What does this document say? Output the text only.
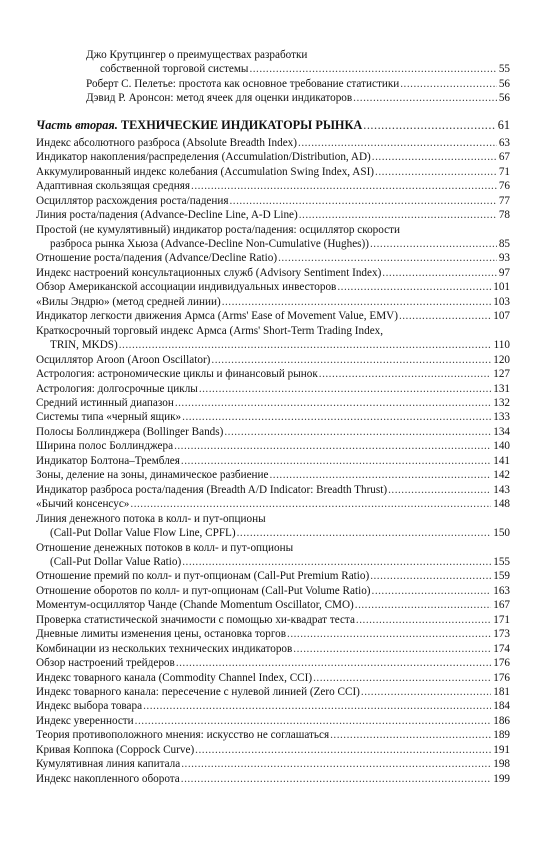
Джо Крутцингер о преимуществах разработки
собственной торговой системы .....	55
Роберт С. Пелетье: простота как основное требование статистики .....	56
Дэвид Р. Аронсон: метод ячеек для оценки индикаторов .....	56
Часть вторая. ТЕХНИЧЕСКИЕ ИНДИКАТОРЫ РЫНКА .....	61
Индекс абсолютного разброса (Absolute Breadth Index) .....	63
Индикатор накопления/распределения (Accumulation/Distribution, AD) .....	67
Аккумулированный индекс колебания (Accumulation Swing Index, ASI) .....	71
Адаптивная скользящая средняя .....	76
Осциллятор расхождения роста/падения .....	77
Линия роста/падения (Advance-Decline Line, A-D Line) .....	78
Простой (не кумулятивный) индикатор роста/падения: осциллятор скорости
разброса рынка Хьюза (Advance-Decline Non-Cumulative (Hughes)) .....	85
Отношение роста/падения (Advance/Decline Ratio) .....	93
Индекс настроений консультационных служб (Advisory Sentiment Index) .....	97
Обзор Американской ассоциации индивидуальных инвесторов .....	101
«Вилы Эндрю» (метод средней линии) .....	103
Индикатор легкости движения Армса (Arms' Ease of Movement Value, EMV) .....	107
Краткосрочный торговый индекс Армса (Arms' Short-Term Trading Index,
TRIN, MKDS) .....	110
Осциллятор Aroon (Aroon Oscillator) .....	120
Астрология: астрономические циклы и финансовый рынок .....	127
Астрология: долгосрочные циклы .....	131
Средний истинный диапазон .....	132
Системы типа «черный ящик» .....	133
Полосы Боллинджера (Bollinger Bands) .....	134
Ширина полос Боллинджера .....	140
Индикатор Болтона–Тремблея .....	141
Зоны, деление на зоны, динамическое разбиение .....	142
Индикатор разброса роста/падения (Breadth A/D Indicator: Breadth Thrust) .....	143
«Бычий консенсус» .....	148
Линия денежного потока в колл- и пут-опционы
(Call-Put Dollar Value Flow Line, CPFL) .....	150
Отношение денежных потоков в колл- и пут-опционы
(Call-Put Dollar Value Ratio) .....	155
Отношение премий по колл- и пут-опционам (Call-Put Premium Ratio) .....	159
Отношение оборотов по колл- и пут-опционам (Call-Put Volume Ratio) .....	163
Моментум-осциллятор Чанде (Chande Momentum Oscillator, CMO) .....	167
Проверка статистической значимости с помощью хи-квадрат теста .....	171
Дневные лимиты изменения цены, остановка торгов .....	173
Комбинации из нескольких технических индикаторов .....	174
Обзор настроений трейдеров .....	176
Индекс товарного канала (Commodity Channel Index, CCI) .....	176
Индекс товарного канала: пересечение с нулевой линией (Zero CCI) .....	181
Индекс выбора товара .....	184
Индекс уверенности .....	186
Теория противоположного мнения: искусство не соглашаться .....	189
Кривая Коппока (Coppock Curve) .....	191
Кумулятивная линия капитала .....	198
Индекс накопленного оборота .....	199
